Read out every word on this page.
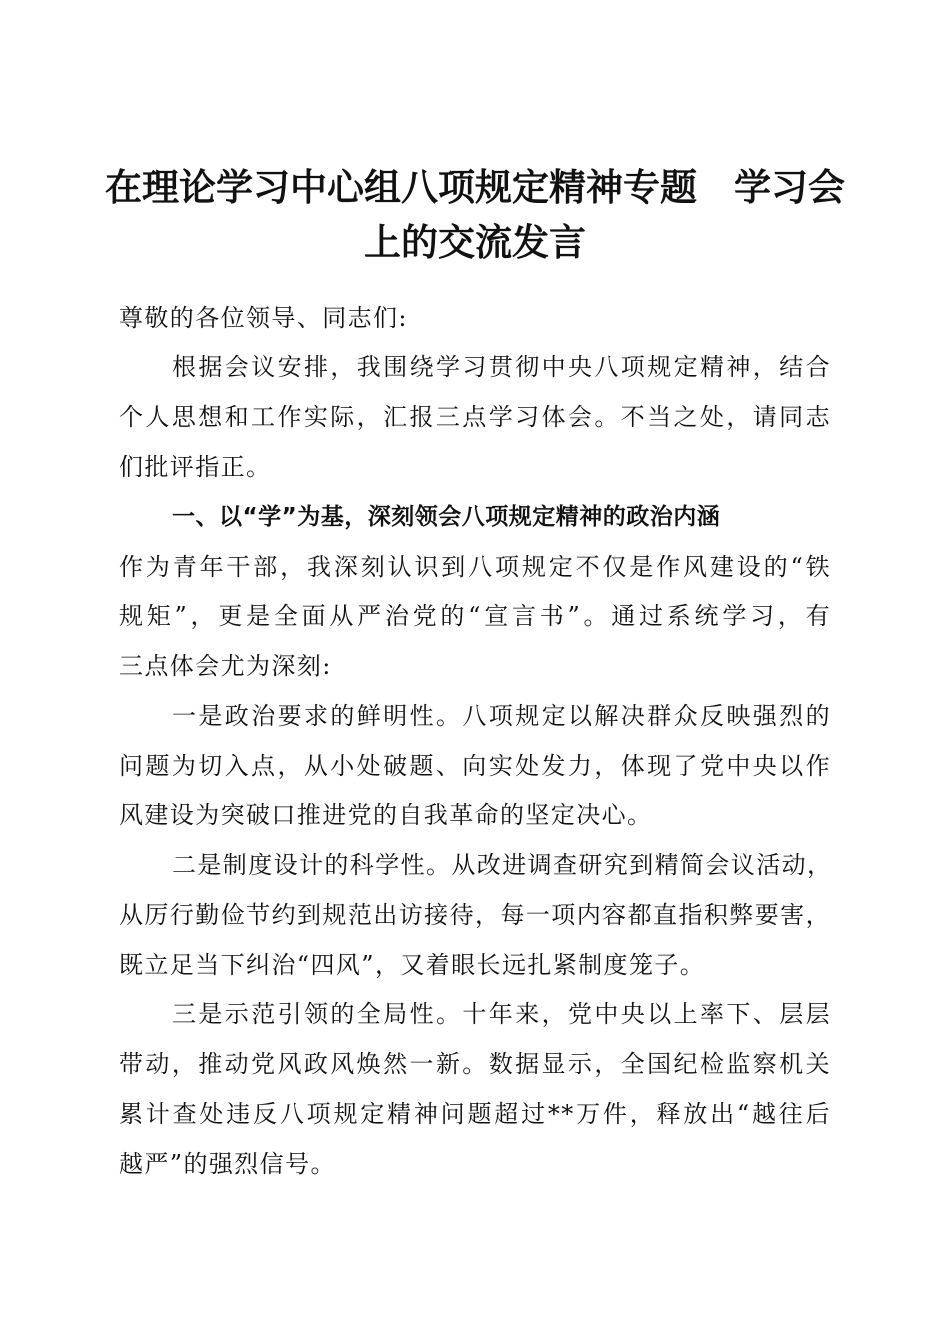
在理论学习中心组八项规定精神专题　学习会
上的交流发言
尊敬的各位领导、同志们:
根据会议安排，我围绕学习贯彻中央八项规定精神，结合
个人思想和工作实际，汇报三点学习体会。不当之处，请同志
们批评指正。
一、以“学”为基，深刻领会八项规定精神的政治内涵
作为青年干部，我深刻认识到八项规定不仅是作风建设的“铁
规矩”，更是全面从严治党的“宣言书”。通过系统学习，有
三点体会尤为深刻:
一是政治要求的鲜明性。八项规定以解决群众反映强烈的
问题为切入点，从小处破题、向实处发力，体现了党中央以作
风建设为突破口推进党的自我革命的坚定决心。
二是制度设计的科学性。从改进调查研究到精简会议活动，
从厉行勤俭节约到规范出访接待，每一项内容都直指积弊要害，
既立足当下纠治“四风”，又着眼长远扎紧制度笼子。
三是示范引领的全局性。十年来，党中央以上率下、层层
带动，推动党风政风焕然一新。数据显示，全国纪检监察机关
累计查处违反八项规定精神问题超过**万件，释放出“越往后
越严”的强烈信号。
